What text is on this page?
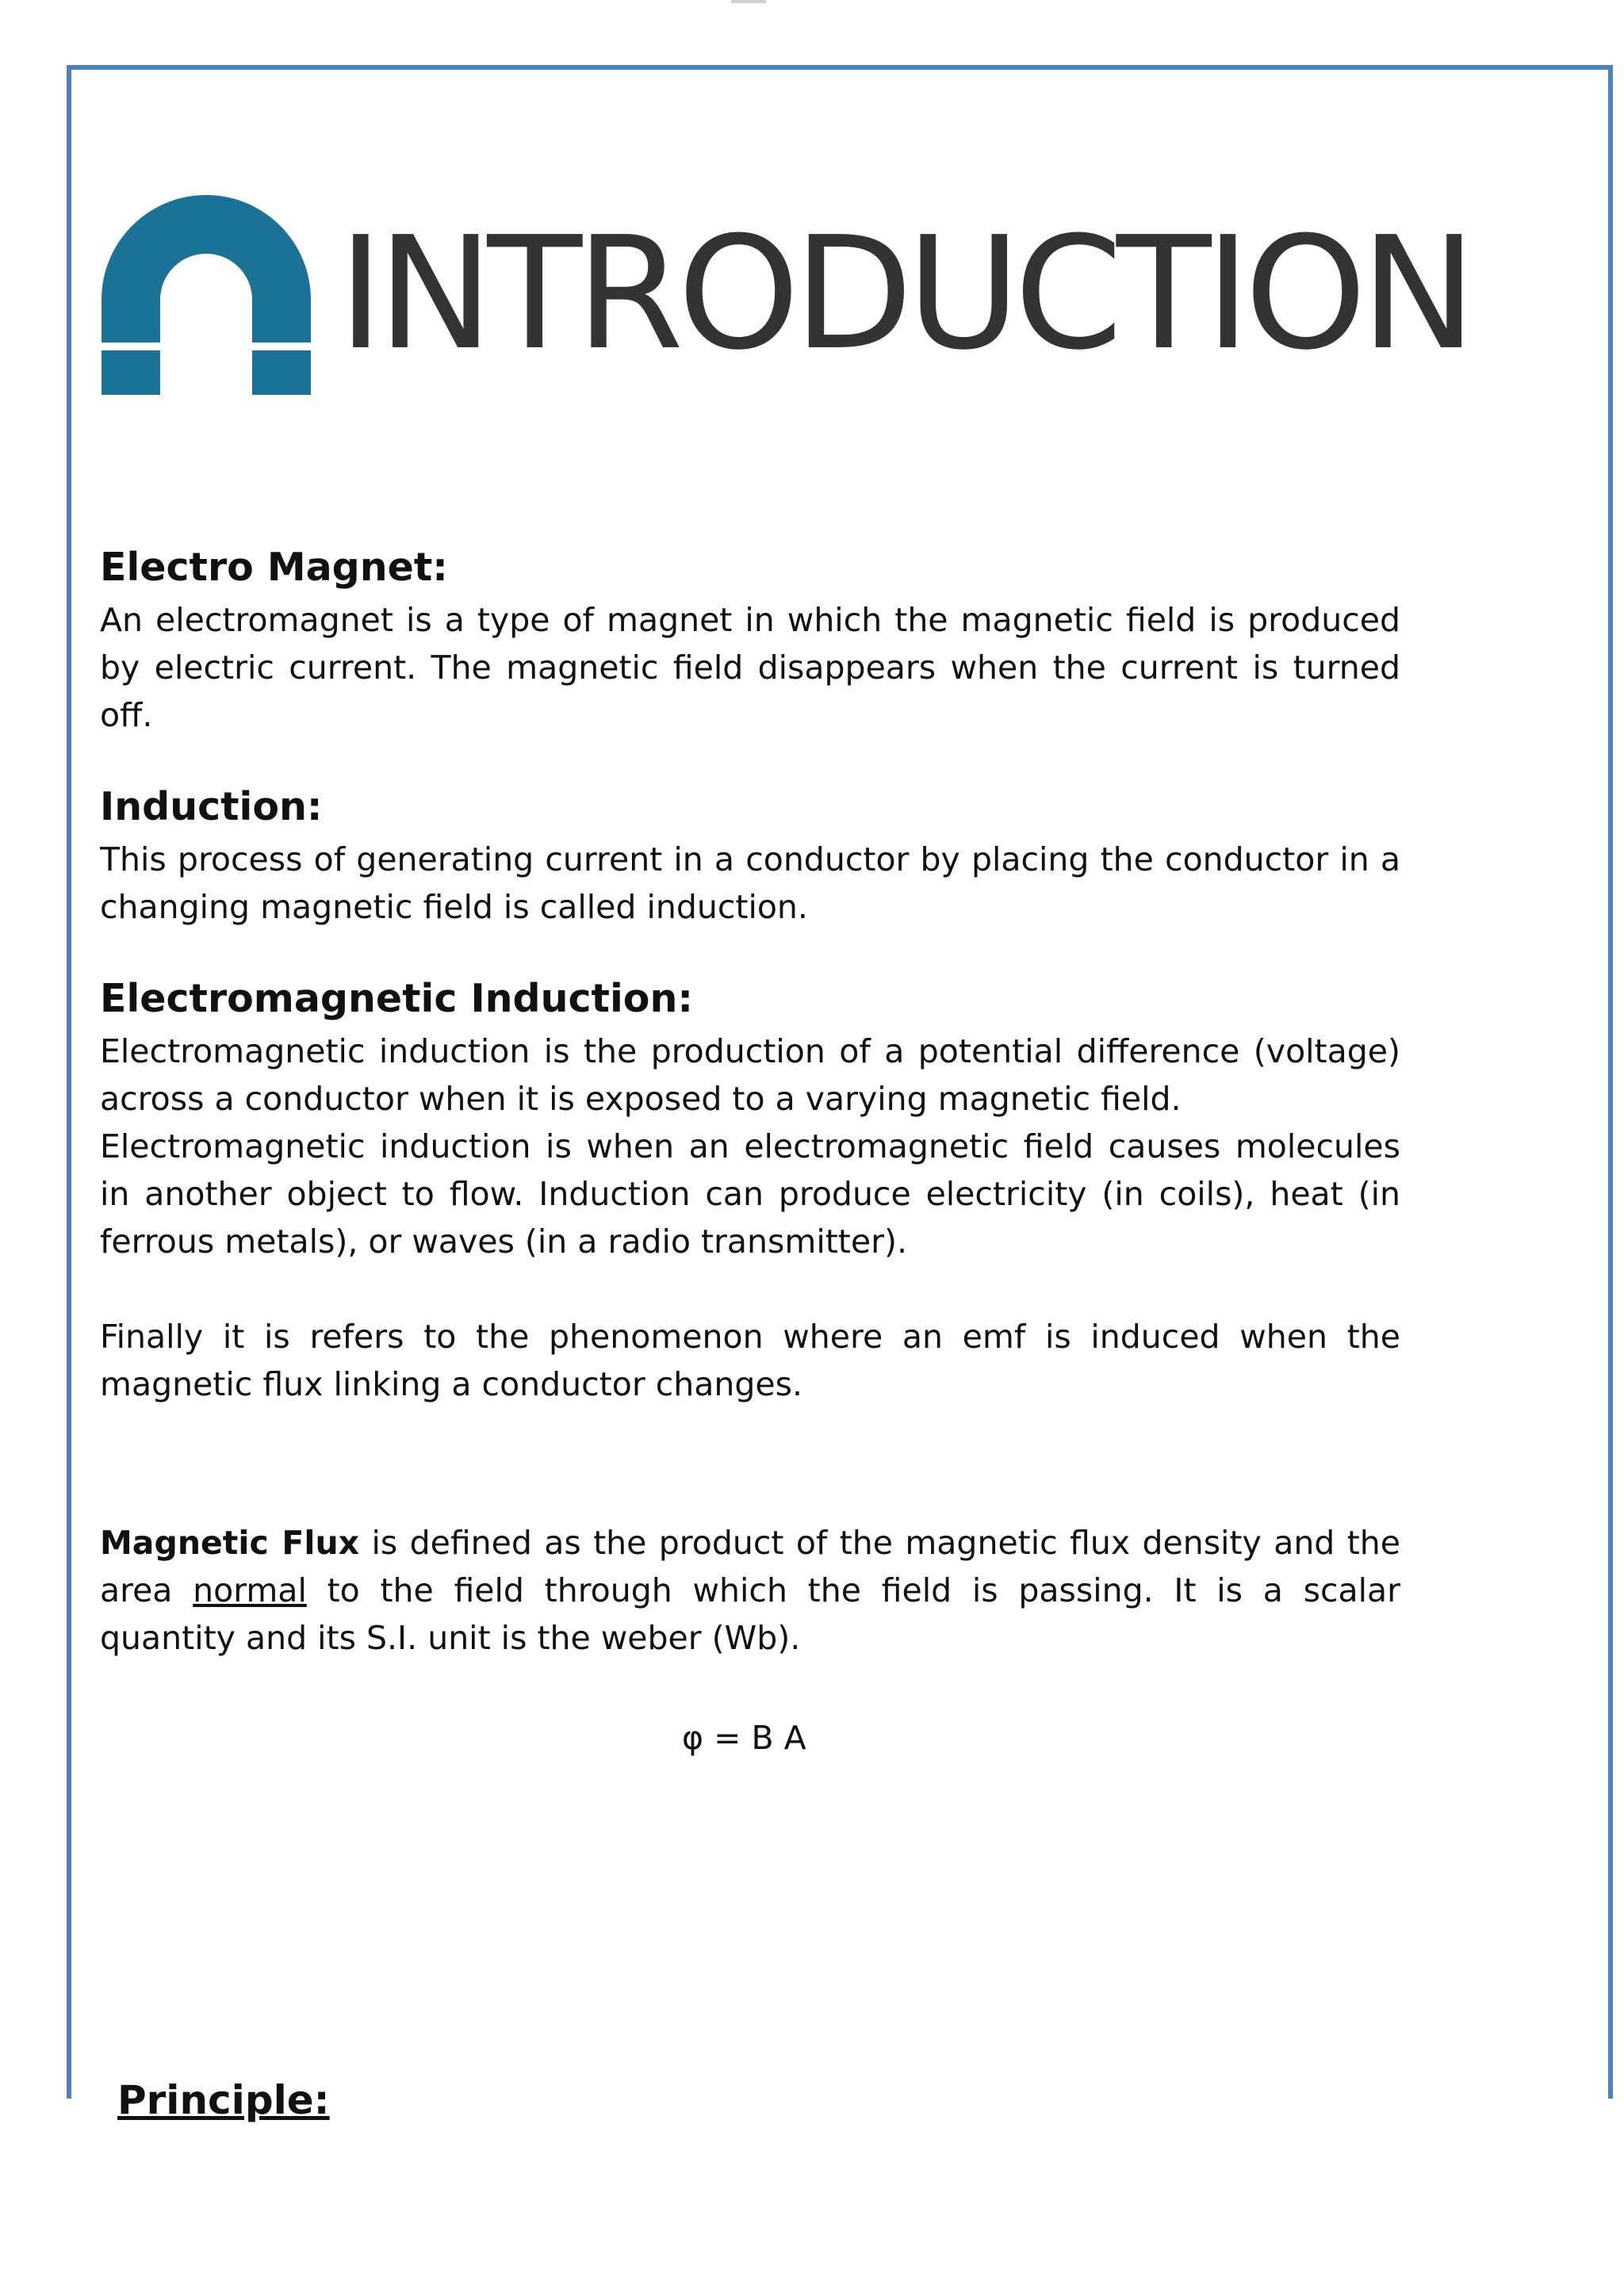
INTRODUCTION
Electro Magnet:

An electromagnet is a type of magnet in which the magnetic field is produced by electric current. The magnetic field disappears when the current is turned off.

Induction:

This process of generating current in a conductor by placing the conductor in a changing magnetic field is called induction.

Electromagnetic Induction:

Electromagnetic induction is the production of a potential difference (voltage) across a conductor when it is exposed to a varying magnetic field.

Electromagnetic induction is when an electromagnetic field causes molecules in another object to flow. Induction can produce electricity (in coils), heat (in ferrous metals), or waves (in a radio transmitter).

Finally it is refers to the phenomenon where an emf is induced when the magnetic flux linking a conductor changes.

Magnetic Flux is defined as the product of the magnetic flux density and the area normal to the field through which the field is passing. It is a scalar quantity and its S.I. unit is the weber (Wb).

φ = B A
Principle:
